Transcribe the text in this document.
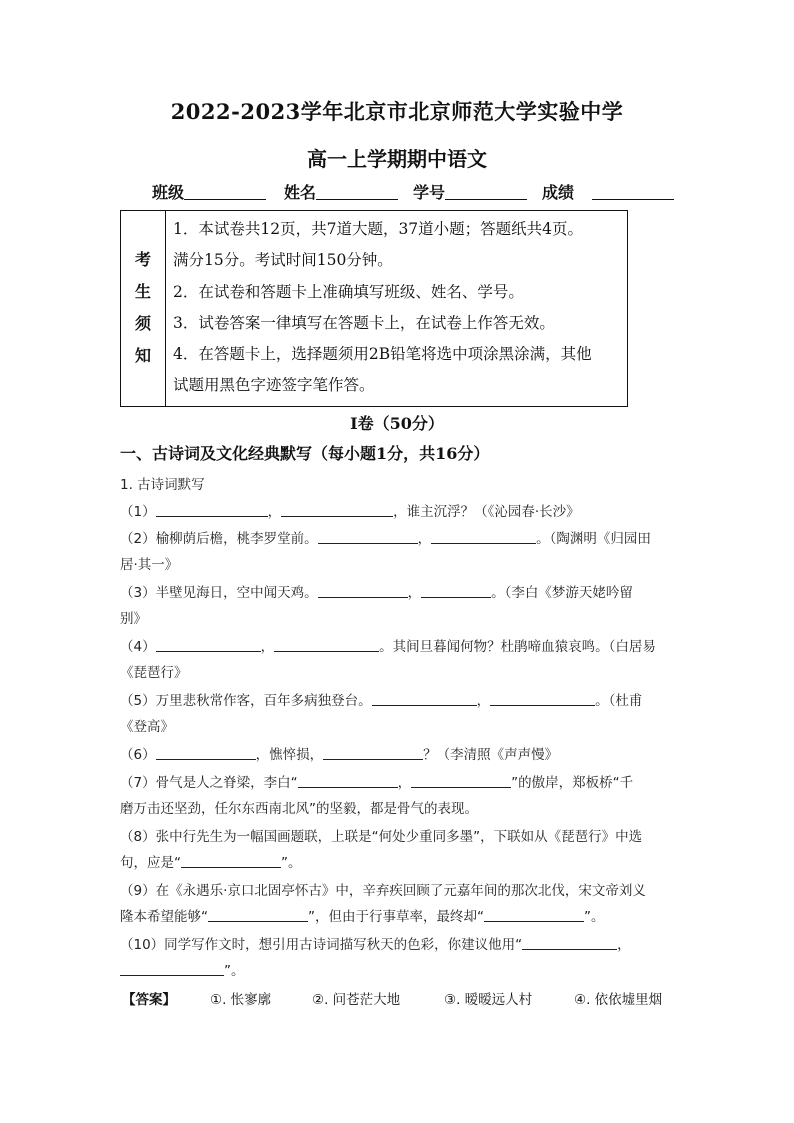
2022-2023学年北京市北京师范大学实验中学
高一上学期期中语文
班级	姓名	学号	成绩
考
生
须
知
1．本试卷共12页，共7道大题，37道小题；答题纸共4页。
满分15分。考试时间150分钟。
2．在试卷和答题卡上准确填写班级、姓名、学号。
3．试卷答案一律填写在答题卡上，在试卷上作答无效。
4．在答题卡上，选择题须用2B铅笔将选中项涂黑涂满，其他
试题用黑色字迹签字笔作答。
I卷（50分）
一、古诗词及文化经典默写（每小题1分，共16分）
1. 古诗词默写
（1）	，	，谁主沉浮？（《沁园春·长沙》
（2）榆柳荫后檐，桃李罗堂前。	，	。（陶渊明《归园田
居·其一》
（3）半壁见海日，空中闻天鸡。	，	。（李白《梦游天姥吟留
别》
（4）	，	。其间旦暮闻何物？杜鹃啼血猿哀鸣。（白居易
《琵琶行》
（5）万里悲秋常作客，百年多病独登台。	，	。（杜甫
《登高》
（6）	，憔悴损，	？（李清照《声声慢》
（7）骨气是人之脊梁，李白“	，	”的傲岸，郑板桥“千
磨万击还坚劲，任尔东西南北风”的坚毅，都是骨气的表现。
（8）张中行先生为一幅国画题联，上联是“何处少重同多墨”，下联如从《琵琶行》中选
句，应是“	”。
（9）在《永遇乐·京口北固亭怀古》中，辛弃疾回顾了元嘉年间的那次北伐，宋文帝刘义
隆本希望能够“	”，但由于行事草率，最终却“	”。
（10）同学写作文时，想引用古诗词描写秋天的色彩，你建议他用“	，
”。
【答案】	①. 怅寥廓	②. 问苍茫大地	③. 暧暧远人村	④. 依依墟里烟
